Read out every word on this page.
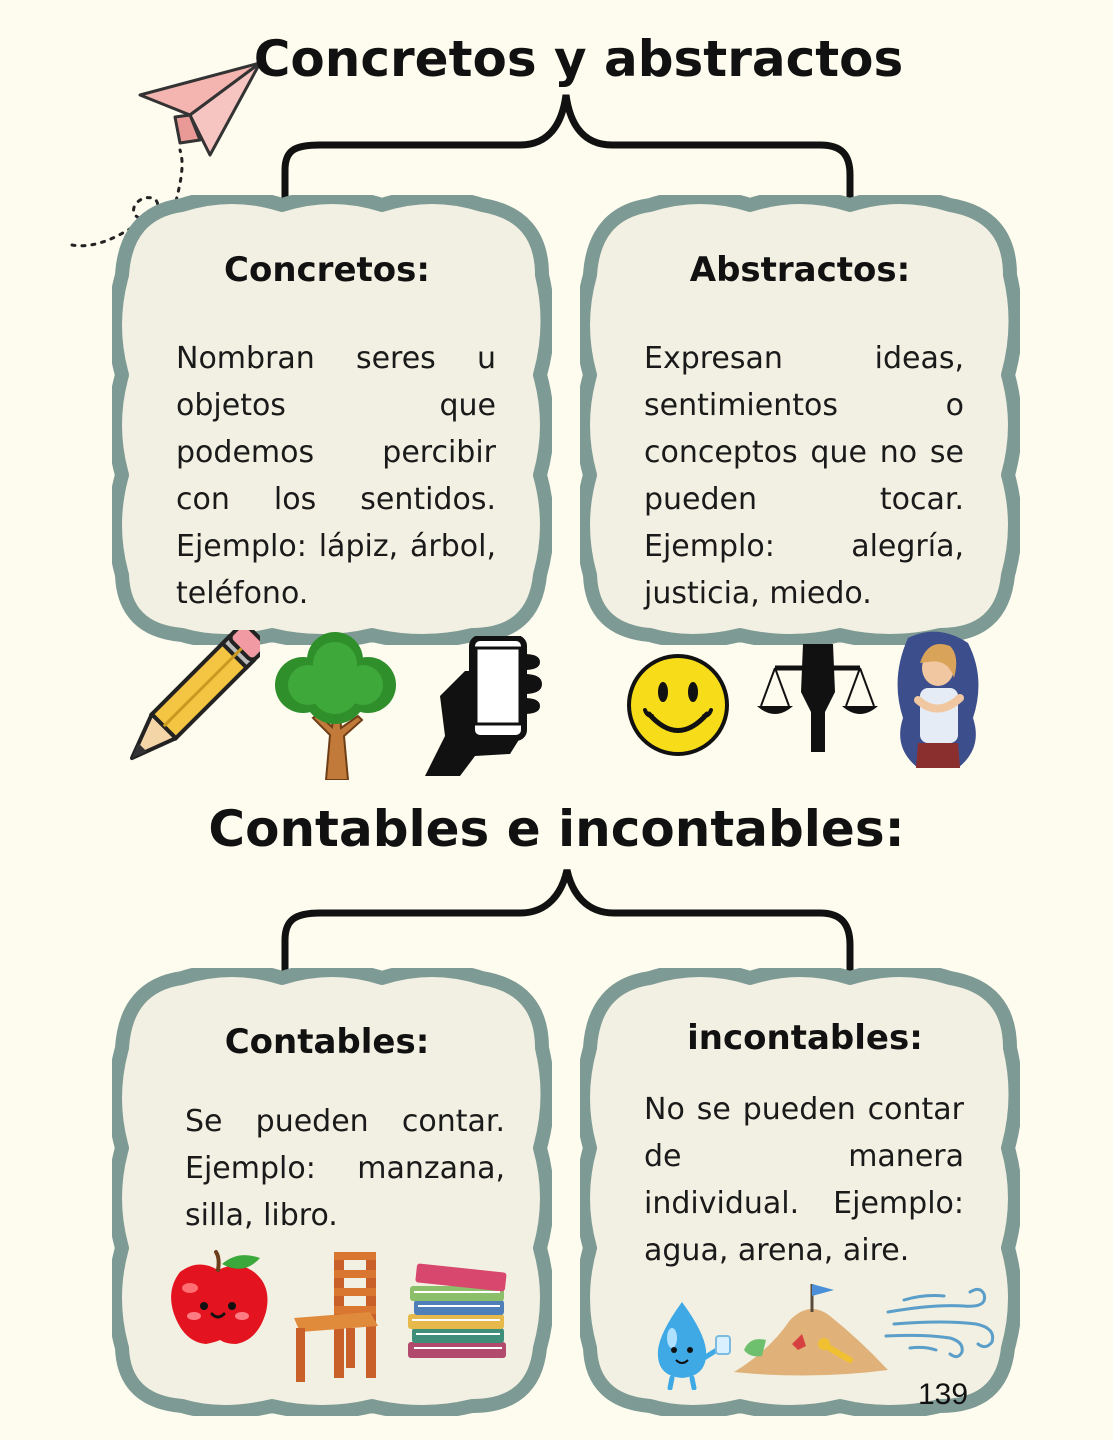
Concretos y abstractos
Concretos:
Nombran seres u objetos que podemos percibir con los sentidos. Ejemplo: lápiz, árbol, teléfono.
Abstractos:
Expresan ideas, sentimientos o conceptos que no se pueden tocar. Ejemplo: alegría, justicia, miedo.
Contables e incontables:
Contables:
Se pueden contar. Ejemplo: manzana, silla, libro.
incontables:
No se pueden contar de manera individual. Ejemplo: agua, arena, aire.
139
